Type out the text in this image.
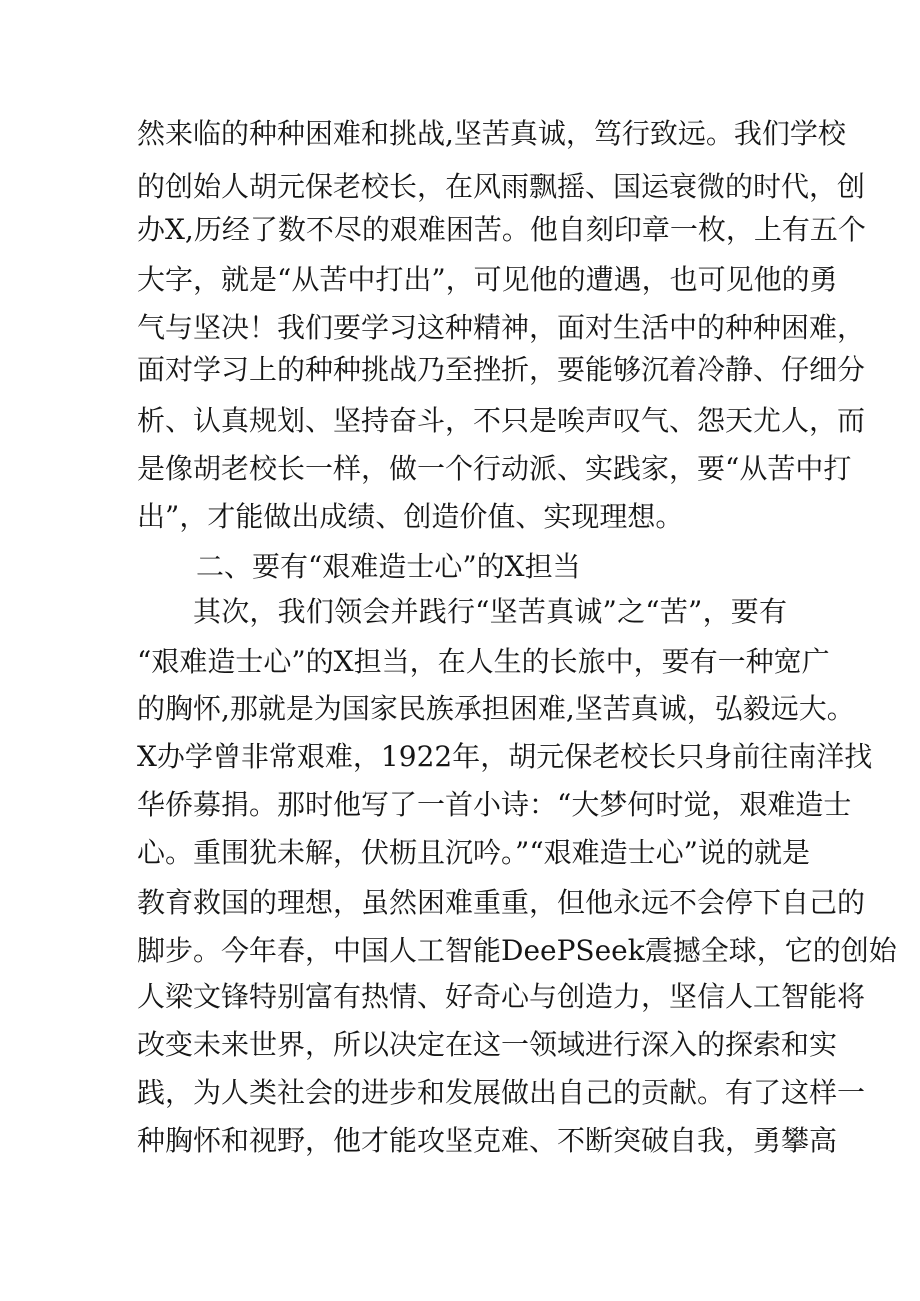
然来临的种种困难和挑战,坚苦真诚，笃行致远。我们学校
的创始人胡元保老校长，在风雨飘摇、国运衰微的时代，创
办X,历经了数不尽的艰难困苦。他自刻印章一枚，上有五个
大字，就是“从苦中打出”，可见他的遭遇，也可见他的勇
气与坚决！我们要学习这种精神，面对生活中的种种困难，
面对学习上的种种挑战乃至挫折，要能够沉着冷静、仔细分
析、认真规划、坚持奋斗，不只是唉声叹气、怨天尤人，而
是像胡老校长一样，做一个行动派、实践家，要“从苦中打
出”，才能做出成绩、创造价值、实现理想。
二、要有“艰难造士心”的X担当
其次，我们领会并践行“坚苦真诚”之“苦”，要有
“艰难造士心”的X担当，在人生的长旅中，要有一种宽广
的胸怀,那就是为国家民族承担困难,坚苦真诚，弘毅远大。
X办学曾非常艰难，1922年，胡元保老校长只身前往南洋找
华侨募捐。那时他写了一首小诗：“大梦何时觉，艰难造士
心。重围犹未解，伏枥且沉吟。”“艰难造士心”说的就是
教育救国的理想，虽然困难重重，但他永远不会停下自己的
脚步。今年春，中国人工智能DeePSeek震撼全球，它的创始
人梁文锋特别富有热情、好奇心与创造力，坚信人工智能将
改变未来世界，所以决定在这一领域进行深入的探索和实
践，为人类社会的进步和发展做出自己的贡献。有了这样一
种胸怀和视野，他才能攻坚克难、不断突破自我，勇攀高
